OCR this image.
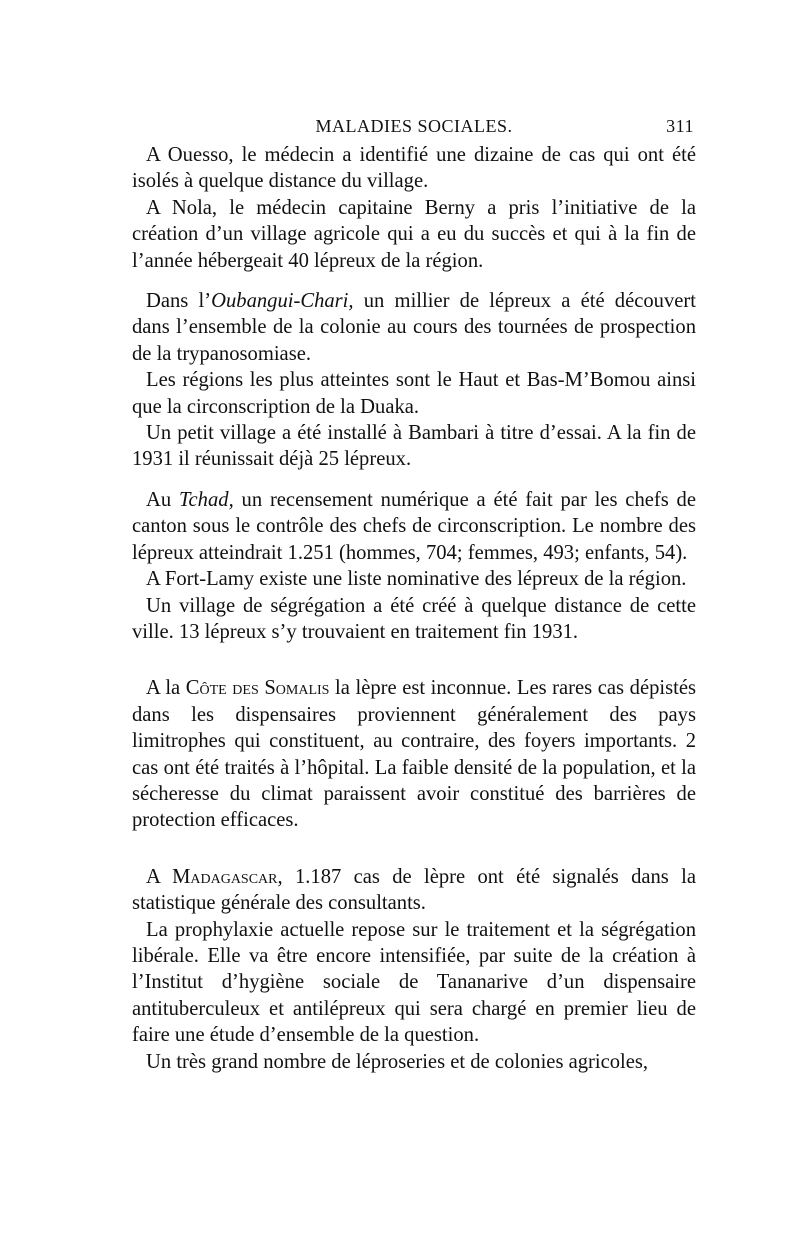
MALADIES SOCIALES.	311

A Ouesso, le médecin a identifié une dizaine de cas qui ont été isolés à quelque distance du village.

A Nola, le médecin capitaine Berny a pris l’initiative de la création d’un village agricole qui a eu du succès et qui à la fin de l’année hébergeait 40 lépreux de la région.

Dans l’Oubangui-Chari, un millier de lépreux a été découvert dans l’ensemble de la colonie au cours des tournées de prospection de la trypanosomiase.

Les régions les plus atteintes sont le Haut et Bas-M’Bomou ainsi que la circonscription de la Duaka.

Un petit village a été installé à Bambari à titre d’essai. A la fin de 1931 il réunissait déjà 25 lépreux.

Au Tchad, un recensement numérique a été fait par les chefs de canton sous le contrôle des chefs de circonscription. Le nombre des lépreux atteindrait 1.251 (hommes, 704; femmes, 493; enfants, 54).

A Fort-Lamy existe une liste nominative des lépreux de la région.

Un village de ségrégation a été créé à quelque distance de cette ville. 13 lépreux s’y trouvaient en traitement fin 1931.

A la Côte des Somalis la lèpre est inconnue. Les rares cas dépistés dans les dispensaires proviennent généralement des pays limitrophes qui constituent, au contraire, des foyers importants. 2 cas ont été traités à l’hôpital. La faible densité de la population, et la sécheresse du climat paraissent avoir constitué des barrières de protection efficaces.

A Madagascar, 1.187 cas de lèpre ont été signalés dans la statistique générale des consultants.

La prophylaxie actuelle repose sur le traitement et la ségrégation libérale. Elle va être encore intensifiée, par suite de la création à l’Institut d’hygiène sociale de Tananarive d’un dispensaire antituberculeux et antilépreux qui sera chargé en premier lieu de faire une étude d’ensemble de la question.

Un très grand nombre de léproseries et de colonies agricoles,
